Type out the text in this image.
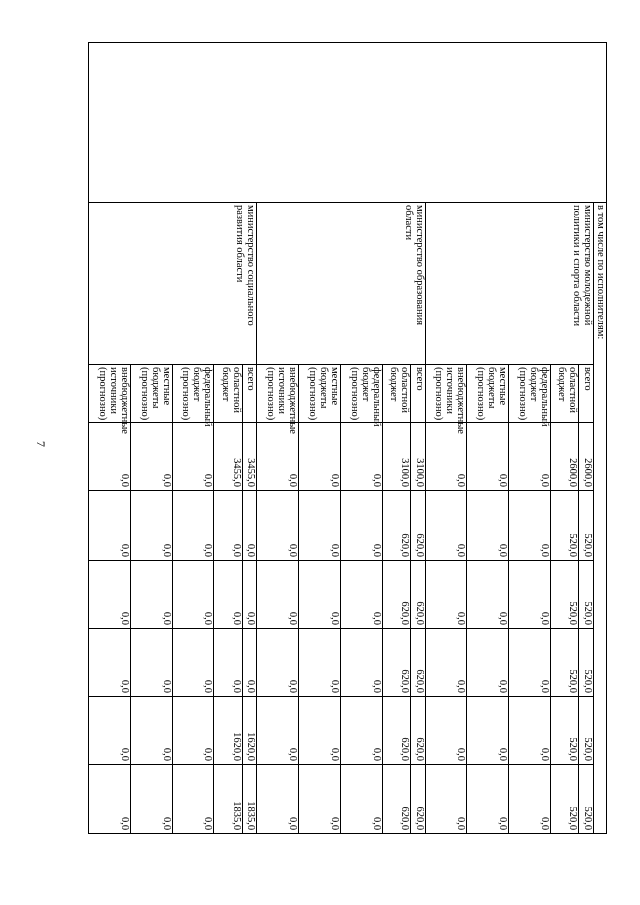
7
	в том числе по исполнителям:							
	министерство молодежной политики и спорта области	всего	2600,0	520,0	520,0	520,0	520,0	520,0
		областной бюджет	2600,0	520,0	520,0	520,0	520,0	520,0
		федеральный бюджет (прогнозно)	0,0	0,0	0,0	0,0	0,0	0,0
		местные бюджеты (прогнозно)	0,0	0,0	0,0	0,0	0,0	0,0
		внебюджетные источники (прогнозно)	0,0	0,0	0,0	0,0	0,0	0,0
	министерство образования области	всего	3100,0	620,0	620,0	620,0	620,0	620,0
		областной бюджет	3100,0	620,0	620,0	620,0	620,0	620,0
		федеральный бюджет (прогнозно)	0,0	0,0	0,0	0,0	0,0	0,0
		местные бюджеты (прогнозно)	0,0	0,0	0,0	0,0	0,0	0,0
		внебюджетные источники (прогнозно)	0,0	0,0	0,0	0,0	0,0	0,0
	министерство социального развития области	всего	3455,0	0,0	0,0	0,0	1620,0	1835,0
		областной бюджет	3455,0	0,0	0,0	0,0	1620,0	1835,0
		федеральный бюджет (прогнозно)	0,0	0,0	0,0	0,0	0,0	0,0
		местные бюджеты (прогнозно)	0,0	0,0	0,0	0,0	0,0	0,0
		внебюджетные источники (прогнозно)	0,0	0,0	0,0	0,0	0,0	0,0
